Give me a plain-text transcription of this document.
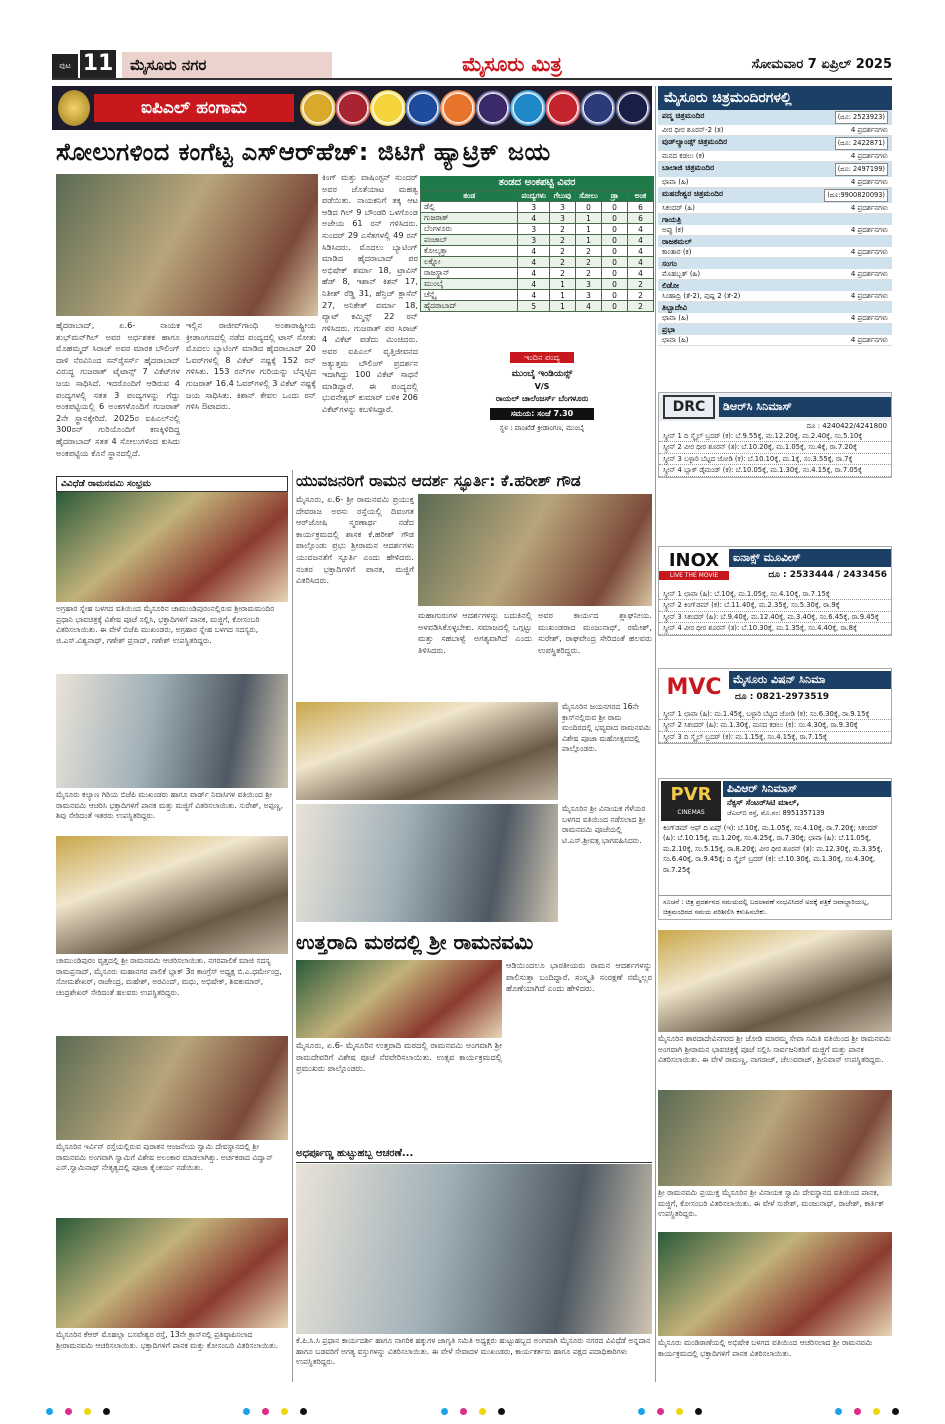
ಪುಟ 11	ಮೈಸೂರು ನಗರ	ಮೈಸೂರು ಮಿತ್ರ	ಸೋಮವಾರ 7 ಏಪ್ರಿಲ್ 2025
ಐಪಿಎಲ್ ಹಂಗಾಮ
ಸೋಲುಗಳಿಂದ ಕಂಗೆಟ್ಟ ಎಸ್‌ಆರ್‌ಹೆಚ್: ಜಿಟಿಗೆ ಹ್ಯಾಟ್ರಿಕ್ ಜಯ
ಹೈದರಾಬಾದ್, ಏ.6- ನಾಯಕ ಶುಭ್‌ಮನ್‌ಗಿಲ್ ಅವರ ಅರ್ಧಶತಕ ಹಾಗೂ ಮೊಹಮ್ಮದ್ ಸಿರಾಜ್ ಅವರ ಮಾರಕ ಬೌಲಿಂಗ್ ದಾಳಿ ನೆರವಿನಿಂದ ಸನ್‌ರೈಸರ್ಸ್ ಹೈದರಾಬಾದ್ ವಿರುದ್ಧ ಗುಜರಾತ್ ಟೈಟಾನ್ಸ್ 7 ವಿಕೆಟ್‌ಗಳ ಜಯ ಸಾಧಿಸಿದೆ. ಇದರೊಂದಿಗೆ ಆಡಿರುವ 4 ಪಂದ್ಯಗಳಲ್ಲಿ ಸತತ 3 ಪಂದ್ಯಗಳನ್ನು ಗೆದ್ದು ಅಂಕಪಟ್ಟಿಯಲ್ಲಿ 6 ಅಂಕಗಳೊಂದಿಗೆ ಗುಜರಾತ್ 2ನೇ ಸ್ಥಾನಕ್ಕೇರಿದೆ. 2025ರ ಐಪಿಎಲ್‌ನಲ್ಲಿ 300ರನ್ ಗುರಿಯೊಂದಿಗೆ ಕಣಕ್ಕಿಳಿದಿದ್ದ ಹೈದರಾಬಾದ್ ಸತತ 4 ಸೋಲುಗಳಿಂದ ಕುಸಿದು ಅಂಕಪಟ್ಟಿಯ ಕೊನೆ ಸ್ಥಾನದಲ್ಲಿದೆ.
ಇಲ್ಲಿನ ರಾಜೀವ್‌ಗಾಂಧಿ ಅಂತಾರಾಷ್ಟ್ರೀಯ ಕ್ರೀಡಾಂಗಣದಲ್ಲಿ ನಡೆದ ಪಂದ್ಯದಲ್ಲಿ ಟಾಸ್ ಸೋತು ಮೊದಲು ಬ್ಯಾಟಿಂಗ್ ಮಾಡಿದ ಹೈದರಾಬಾದ್ 20 ಓವರ್‌ಗಳಲ್ಲಿ 8 ವಿಕೆಟ್ ನಷ್ಟಕ್ಕೆ 152 ರನ್ ಗಳಿಸಿತು. 153 ರನ್‌ಗಳ ಗುರಿಯನ್ನು ಬೆನ್ನಟ್ಟಿದ ಗುಜರಾತ್ 16.4 ಓವರ್‌ಗಳಲ್ಲಿ 3 ವಿಕೆಟ್ ನಷ್ಟಕ್ಕೆ ಜಯ ಸಾಧಿಸಿತು. ಕಿಶಾನ್ ಕೇವಲ ಒಂದು ರನ್ ಗಳಿಸಿ ಔಟಾದರು.
ಕಿಂಗ್ ಮತ್ತು ವಾಷಿಂಗ್ಟನ್ ಸುಂದರ್ ಅವರ ಜೊತೆಯಾಟ ಮಹತ್ವ ಪಡೆಯಿತು. ನಾಯಕನಿಗೆ ತಕ್ಕ ಆಟ ಆಡಿದ ಗಿಲ್ 9 ಬೌಂಡರಿ ಒಳಗೊಂಡ ಅಜೇಯ 61 ರನ್ ಗಳಿಸಿದರು. ಸುಂದರ್ 29 ಎಸೆತಗಳಲ್ಲಿ 49 ರನ್ ಸಿಡಿಸಿದರು. ಮೊದಲು ಬ್ಯಾಟಿಂಗ್ ಮಾಡಿದ ಹೈದರಾಬಾದ್ ಪರ ಅಭಿಷೇಕ್ ಶರ್ಮಾ 18, ಟ್ರಾವಿಸ್ ಹೆಡ್ 8, ಇಶಾನ್ ಕಿಶನ್ 17, ನಿತೀಶ್ ರೆಡ್ಡಿ 31, ಹೆನ್ರಿಚ್ ಕ್ಲಾಸೆನ್ 27, ಅನಿಕೇತ್ ವರ್ಮಾ 18, ಪ್ಯಾಟ್ ಕಮ್ಮಿನ್ಸ್ 22 ರನ್ ಗಳಿಸಿದರು. ಗುಜರಾತ್ ಪರ ಸಿರಾಜ್ 4 ವಿಕೆಟ್ ಪಡೆದು ಮಿಂಚಿದರು. ಅವರ ಐಪಿಎಲ್ ವೃತ್ತಿಜೀವನದ ಅತ್ಯುತ್ತಮ ಬೌಲಿಂಗ್ ಪ್ರದರ್ಶನ ಇದಾಗಿದ್ದು 100 ವಿಕೆಟ್ ಸಾಧನೆ ಮಾಡಿದ್ದಾರೆ. ಈ ಪಂದ್ಯದಲ್ಲಿ ಭುವನೇಶ್ವರ್ ಕುಮಾರ್ ಬಳಿಕ 206 ವಿಕೆಟ್‌ಗಳನ್ನು ಕಬಳಿಸಿದ್ದಾರೆ.
ತಂಡದ ಅಂಕಪಟ್ಟಿ ವಿವರ
ತಂಡ	ಪಂದ್ಯಗಳು	ಗೆಲುವು	ಸೋಲು	ಡ್ರಾ	ಅಂಕ
ಡೆಲ್ಲಿ	3	3	0	0	6
ಗುಜರಾತ್	4	3	1	0	6
ಬೆಂಗಳೂರು	3	2	1	0	4
ಪಂಜಾಬ್	3	2	1	0	4
ಕೋಲ್ಕತ್ತಾ	4	2	2	0	4
ಲಕ್ನೋ	4	2	2	0	4
ರಾಜಸ್ಥಾನ್	4	2	2	0	4
ಮುಂಬೈ	4	1	3	0	2
ಚೆನ್ನೈ	4	1	3	0	2
ಹೈದರಾಬಾದ್	5	1	4	0	2
ಇಂದಿನ ಪಂದ್ಯ
ಮುಂಬೈ ಇಂಡಿಯನ್ಸ್
V/S
ರಾಯಲ್ ಚಾಲೆಂಜರ್ಸ್ ಬೆಂಗಳೂರು
ಸಮಯ: ಸಂಜೆ 7.30
ಸ್ಥಳ : ವಾಂಖೆಡೆ ಕ್ರೀಡಾಂಗಣ, ಮುಂಬೈ
ಮೈಸೂರು ಚಿತ್ರಮಂದಿರಗಳಲ್ಲಿ
ಪದ್ಮ ಚಿತ್ರಮಂದಿರ	(ದೂ: 2523923)
ವೀರ ಧೀರ ಶೂರನ್-2 (ತ)	4 ಪ್ರದರ್ಶನಗಳು
ವುಡ್‌ಲ್ಯಾಂಡ್ಸ್ ಚಿತ್ರಮಂದಿರ	(ದೂ: 2422871)
ಮನದ ಕಡಲು (ಕ)	4 ಪ್ರದರ್ಶನಗಳು
ಬಾಲಾಜಿ ಚಿತ್ರಮಂದಿರ	(ದೂ: 2497199)
ಛಾವಾ (ಹಿ)	4 ಪ್ರದರ್ಶನಗಳು
ಮಹದೇಶ್ವರ ಚಿತ್ರಮಂದಿರ	(ದೂ:9900820093)
ಸಿಕಂದರ್ (ಹಿ)	4 ಪ್ರದರ್ಶನಗಳು
ಗಾಯತ್ರಿ
ಅಪ್ಪು (ಕ)	4 ಪ್ರದರ್ಶನಗಳು
ರಾಜಕಮಲ್
ಕಾಂತಾರ (ಕ)	4 ಪ್ರದರ್ಶನಗಳು
ಸಂಗಂ
ಮೊಹಬ್ಬತ್ (ಹಿ)	4 ಪ್ರದರ್ಶನಗಳು
ಲಿಡೋ
ಸಿಂಹಾದ್ರಿ (ತೆ-2), ಪುಷ್ಪ 2 (ತೆ-2)	4 ಪ್ರದರ್ಶನಗಳು
ತಿಬ್ಬಾದೇವಿ
ಛಾವಾ (ಹಿ)	4 ಪ್ರದರ್ಶನಗಳು
ಪ್ರಭಾ
ಛಾವಾ (ಹಿ)	4 ಪ್ರದರ್ಶನಗಳು
DRC	ಡಿಆರ್‌ಸಿ ಸಿನಿಮಾಸ್
ದೂ : 4240422/4241800
ಸ್ಕ್ರೀನ್ 1 ದಿ ಸ್ಮೈಲ್ ಬ್ರದರ್ (ಕ): ಬೆ.9.55ಕ್ಕೆ, ಮ.12.20ಕ್ಕೆ, ಮ.2.40ಕ್ಕೆ, ಸಂ.5.10ಕ್ಕೆ
ಸ್ಕ್ರೀನ್ 2 ವೀರ ಧೀರ ಶೂರನ್ (ತ): ಬೆ.10.20ಕ್ಕೆ, ಮ.1.05ಕ್ಕೆ, ಸಂ.4ಕ್ಕೆ, ರಾ.7.20ಕ್ಕೆ
ಸ್ಕ್ರೀನ್ 3 ಬಳ್ಳಾರಿ ಬೆಟ್ಟದ ಜೋಡಿ (ಕ): ಬೆ.10.10ಕ್ಕೆ, ಮ.1ಕ್ಕೆ, ಸಂ.3.55ಕ್ಕೆ, ರಾ.7ಕ್ಕೆ
ಸ್ಕ್ರೀನ್ 4 ಬ್ಲಾಕ್ ಡೈಮಂಡ್ (ಕ): ಬೆ.10.05ಕ್ಕೆ, ಮ.1.30ಕ್ಕೆ, ಸಂ.4.15ಕ್ಕೆ, ರಾ.7.05ಕ್ಕೆ
INOX
LIVE THE MOVIE
ಐನಾಕ್ಸ್ ಮೂವೀಸ್
ದೂ : 2533444 / 2433456
ಸ್ಕ್ರೀನ್ 1 ಛಾವಾ (ಹಿ): ಬೆ.10ಕ್ಕೆ, ಮ.1.05ಕ್ಕೆ, ಸಂ.4.10ಕ್ಕೆ, ರಾ.7.15ಕ್ಕೆ
ಸ್ಕ್ರೀನ್ 2 ಕಿಂಗ್‌ಡಮ್ (ಕ): ಬೆ.11.40ಕ್ಕೆ, ಮ.2.35ಕ್ಕೆ, ಸಂ.5.30ಕ್ಕೆ, ರಾ.9ಕ್ಕೆ
ಸ್ಕ್ರೀನ್ 3 ಸಿಕಂದರ್ (ಹಿ): ಬೆ.9.40ಕ್ಕೆ, ಮ.12.40ಕ್ಕೆ, ಮ.3.40ಕ್ಕೆ, ಸಂ.6.45ಕ್ಕೆ, ರಾ.9.45ಕ್ಕೆ
ಸ್ಕ್ರೀನ್ 4 ವೀರ ಧೀರ ಶೂರನ್ (ತ): ಬೆ.10.30ಕ್ಕೆ, ಮ.1.35ಕ್ಕೆ, ಸಂ.4.40ಕ್ಕೆ, ರಾ.8ಕ್ಕೆ
MVC	ಮೈಸೂರು ವಿಷನ್ ಸಿನಿಮಾ
ದೂ : 0821-2973519
ಸ್ಕ್ರೀನ್ 1 ಛಾವಾ (ಹಿ): ಮ.1.45ಕ್ಕೆ, ಬಳ್ಳಾರಿ ಬೆಟ್ಟದ ಜೋಡಿ (ಕ): ಸಂ.6.30ಕ್ಕೆ, ರಾ.9.15ಕ್ಕೆ
ಸ್ಕ್ರೀನ್ 2 ಸಿಕಂದರ್ (ಹಿ): ಮ.1.30ಕ್ಕೆ, ಮನದ ಕಡಲು (ಕ): ಸಂ.4.30ಕ್ಕೆ, ರಾ.9.30ಕ್ಕೆ
ಸ್ಕ್ರೀನ್ 3 ದಿ ಸ್ಮೈಲ್ ಬ್ರದರ್ (ಕ): ಮ.1.15ಕ್ಕೆ, ಸಂ.4.15ಕ್ಕೆ, ರಾ.7.15ಕ್ಕೆ
PVR
CINEMAS
ಪಿವಿಆರ್ ಸಿನಿಮಾಸ್
ನೆಕ್ಸಸ್ ಸೆಂಟರ್‌ಸಿಟಿ ಮಾಲ್,
ಜೆಎಲ್‌ಬಿ ರಸ್ತೆ, ಮೊ.ನಂ: 8951357139
ಕಿಂಗ್‌ಡಮ್ ಆಫ್ ದಿ ಏಪ್ಸ್ (ಇ): ಬೆ.10ಕ್ಕೆ, ಮ.1.05ಕ್ಕೆ, ಸಂ.4.10ಕ್ಕೆ, ರಾ.7.20ಕ್ಕೆ; ಸಿಕಂದರ್ (ಹಿ): ಬೆ.10.15ಕ್ಕೆ, ಮ.1.20ಕ್ಕೆ, ಸಂ.4.25ಕ್ಕೆ, ರಾ.7.30ಕ್ಕೆ; ಛಾವಾ (ಹಿ): ಬೆ.11.05ಕ್ಕೆ, ಮ.2.10ಕ್ಕೆ, ಸಂ.5.15ಕ್ಕೆ, ರಾ.8.20ಕ್ಕೆ; ವೀರ ಧೀರ ಶೂರನ್ (ತ): ಮ.12.30ಕ್ಕೆ, ಮ.3.35ಕ್ಕೆ, ಸಂ.6.40ಕ್ಕೆ, ರಾ.9.45ಕ್ಕೆ; ದಿ ಸ್ಮೈಲ್ ಬ್ರದರ್ (ಕ): ಬೆ.10.30ಕ್ಕೆ, ಮ.1.30ಕ್ಕೆ, ಸಂ.4.30ಕ್ಕೆ, ರಾ.7.25ಕ್ಕೆ
ಸೂಚನೆ : ಚಿತ್ರ ಪ್ರದರ್ಶನದ ಸಮಯದಲ್ಲಿ ಬದಲಾವಣೆ ಸಂಭವಿಸಿದರೆ ಅದಕ್ಕೆ ಪತ್ರಿಕೆ ಜವಾಬ್ದಾರಿಯಲ್ಲ, ಚಿತ್ರಮಂದಿರದ ಸಮಯ ಪರಿಶೀಲಿಸಿ ಕಳುಹಿಸಬೇಕು.
ವಿವಿಧೆಡೆ ರಾಮನವಮಿ ಸಂಭ್ರಮ
ಅಗ್ರಹಾರ ಸ್ನೇಹ ಬಳಗದ ವತಿಯಿಂದ ಮೈಸೂರಿನ ಚಾಮುಂಡಿಪುರಂನಲ್ಲಿರುವ ಶ್ರೀರಾಮಮಂದಿರ ಪ್ರಧಾನಿ ಭಾವಚಿತ್ರಕ್ಕೆ ವಿಶೇಷ ಪೂಜೆ ಸಲ್ಲಿಸಿ, ಭಕ್ತಾದಿಗಳಿಗೆ ಪಾನಕ, ಮಜ್ಜಿಗೆ, ಕೋಸಂಬರಿ ವಿತರಿಸಲಾಯಿತು. ಈ ವೇಳೆ ಬಿಜೆಪಿ ಮುಖಂಡರು, ಅಗ್ರಹಾರ ಸ್ನೇಹ ಬಳಗದ ಸದಸ್ಯರು, ಜಿ.ಎಸ್.ವಿಶ್ವನಾಥ್, ಗಣೇಶ್ ಪ್ರಸಾದ್, ಗಣೇಶ್ ಉಪಸ್ಥಿತರಿದ್ದರು.
ಮೈಸೂರು ಕಲ್ಯಾಣ ಗಿರಿಯ ಬಿಜೆಪಿ ಮುಖಂಡರು ಹಾಗೂ ವಾರ್ಡ್ ನಿವಾಸಿಗಳ ವತಿಯಿಂದ ಶ್ರೀ ರಾಮನವಮಿ ಆಚರಿಸಿ ಭಕ್ತಾದಿಗಳಿಗೆ ಪಾನಕ ಮತ್ತು ಮಜ್ಜಿಗೆ ವಿತರಿಸಲಾಯಿತು. ಸುರೇಶ್, ಅಪ್ಪಣ್ಣ, ಶಿವು ಸೇರಿದಂತೆ ಇತರರು ಉಪಸ್ಥಿತರಿದ್ದರು.
ಚಾಮುಂಡಿಪುರಂ ವೃತ್ತದಲ್ಲಿ ಶ್ರೀ ರಾಮನವಮಿ ಆಚರಿಸಲಾಯಿತು. ನಗರಪಾಲಿಕೆ ಮಾಜಿ ಸದಸ್ಯ ರಾಮಪ್ರಸಾದ್, ಮೈಸೂರು ಮಹಾನಗರ ಪಾಲಿಕೆ ಬ್ಲಾಕ್ 3ರ ಕಾಂಗ್ರೆಸ್ ಅಧ್ಯಕ್ಷ ಬಿ.ಎ.ಧರ್ಮೇಂದ್ರ, ಸೋಮಶೇಖರ್, ರಾಜೇಂದ್ರ, ಮಹೇಶ್, ಅರವಿಂದ್, ಮಧು, ಅಭಿಷೇಕ್, ಶಿವಕುಮಾರ್, ಚಂದ್ರಶೇಖರ್ ಸೇರಿದಂತೆ ಹಲವರು ಉಪಸ್ಥಿತರಿದ್ದರು.
ಮೈಸೂರಿನ ಇರ್ವಿನ್ ರಸ್ತೆಯಲ್ಲಿರುವ ಪುರಾತನ ಆಂಜನೇಯ ಸ್ವಾಮಿ ದೇವಸ್ಥಾನದಲ್ಲಿ ಶ್ರೀ ರಾಮನವಮಿ ಅಂಗವಾಗಿ ಸ್ವಾಮಿಗೆ ವಿಶೇಷ ಅಲಂಕಾರ ಮಾಡಲಾಗಿತ್ತು. ಅರ್ಚಕರಾದ ವಿದ್ವಾನ್ ಎಸ್.ಸ್ವಾಮಿನಾಥ್ ನೇತೃತ್ವದಲ್ಲಿ ಪೂಜಾ ಕೈಂಕರ್ಯ ನಡೆಯಿತು.
ಮೈಸೂರಿನ ಕೆಆರ್ ಮೊಹಲ್ಲಾ ಬಸವೇಶ್ವರ ರಸ್ತೆ, 13ನೇ ಕ್ರಾಸ್‌ನಲ್ಲಿ ಪ್ರತಿಷ್ಠಾಪಿಸಲಾದ ಶ್ರೀರಾಮನವಮಿ ಆಚರಿಸಲಾಯಿತು. ಭಕ್ತಾದಿಗಳಿಗೆ ಪಾನಕ ಮತ್ತು ಕೋಸಂಬರಿ ವಿತರಿಸಲಾಯಿತು.
ಯುವಜನರಿಗೆ ರಾಮನ ಆದರ್ಶ ಸ್ಫೂರ್ತಿ: ಕೆ.ಹರೀಶ್ ಗೌಡ
ಮೈಸೂರು, ಏ.6- ಶ್ರೀ ರಾಮನವಮಿ ಪ್ರಯುಕ್ತ ದೇವರಾಜ ಅರಸು ರಸ್ತೆಯಲ್ಲಿ ದಿವಂಗತ ಆರ್‌ಜೋಷಿ ಸ್ಮರಣಾರ್ಥ ನಡೆದ ಕಾರ್ಯಕ್ರಮದಲ್ಲಿ ಶಾಸಕ ಕೆ.ಹರೀಶ್ ಗೌಡ ಪಾಲ್ಗೊಂಡು ಪ್ರಭು ಶ್ರೀರಾಮನ ಆದರ್ಶಗಳು ಯುವಜನತೆಗೆ ಸ್ಫೂರ್ತಿ ಎಂದು ಹೇಳಿದರು. ನಂತರ ಭಕ್ತಾದಿಗಳಿಗೆ ಪಾನಕ, ಮಜ್ಜಿಗೆ ವಿತರಿಸಿದರು.
ಮಹಾಗುರುಗಳ ಆದರ್ಶಗಳನ್ನು ಬದುಕಿನಲ್ಲಿ ಅಳವಡಿಸಿಕೊಳ್ಳಬೇಕು. ಸಮಾಜದಲ್ಲಿ ಒಗ್ಗಟ್ಟು ಮತ್ತು ಸಹಬಾಳ್ವೆ ಅಗತ್ಯವಾಗಿದೆ ಎಂದು ತಿಳಿಸಿದರು.
ಅವರ ಕಾರ್ಯದ ಶ್ಲಾಘನೀಯ. ಮುಖಂಡರಾದ ಮಂಜುನಾಥ್, ರಮೇಶ್, ಸುರೇಶ್, ರಾಘವೇಂದ್ರ ಸೇರಿದಂತೆ ಹಲವರು ಉಪಸ್ಥಿತರಿದ್ದರು.
ಮೈಸೂರಿನ ಜಯನಗರದ 16ನೇ ಕ್ರಾಸ್‌ನಲ್ಲಿರುವ ಶ್ರೀ ರಾಮ ಮಂದಿರದಲ್ಲಿ ಭವ್ಯವಾದ ರಾಮನವಮಿ ವಿಶೇಷ ಪೂಜಾ ಮಹೋತ್ಸವದಲ್ಲಿ ಪಾಲ್ಗೊಂಡರು.
ಮೈಸೂರಿನ ಶ್ರೀ ವಿನಾಯಕ ಗೆಳೆಯರ ಬಳಗದ ವತಿಯಿಂದ ನಡೆಸಲಾದ ಶ್ರೀ ರಾಮನವಮಿ ಪೂಜೆಯಲ್ಲಿ ಟಿ.ಎಸ್.ಶ್ರೀವತ್ಸ ಭಾಗವಹಿಸಿದರು.
ಉತ್ತರಾದಿ ಮಠದಲ್ಲಿ ಶ್ರೀ ರಾಮನವಮಿ
ಆಡಿಯಿಂದಲೂ ಭಾರತೀಯರು ರಾಮನ ಆದರ್ಶಗಳನ್ನು ಪಾಲಿಸುತ್ತಾ ಬಂದಿದ್ದಾರೆ. ಸಂಸ್ಕೃತಿ ಸಂರಕ್ಷಣೆ ನಮ್ಮೆಲ್ಲರ ಹೊಣೆಯಾಗಿದೆ ಎಂದು ಹೇಳಿದರು.
ಮೈಸೂರು, ಏ.6- ಮೈಸೂರಿನ ಉತ್ತರಾದಿ ಮಠದಲ್ಲಿ ರಾಮನವಮಿ ಅಂಗವಾಗಿ ಶ್ರೀ ರಾಮದೇವರಿಗೆ ವಿಶೇಷ ಪೂಜೆ ನೆರವೇರಿಸಲಾಯಿತು. ಉತ್ಸವ ಕಾರ್ಯಕ್ರಮದಲ್ಲಿ ಪ್ರಮುಖರು ಪಾಲ್ಗೊಂಡರು.
ಅಧರ್ಪೂಣ್ಣ ಹುಟ್ಟುಹಬ್ಬ ಆಚರಣೆ...
ಕೆ.ಪಿ.ಸಿ.ಸಿ ಪ್ರಧಾನ ಕಾರ್ಯದರ್ಶಿ ಹಾಗೂ ನಾಗರಿಕ ಹಕ್ಕುಗಳ ಜಾಗೃತಿ ಸಮಿತಿ ಅಧ್ಯಕ್ಷರು ಹುಟ್ಟುಹಬ್ಬದ ಅಂಗವಾಗಿ ಮೈಸೂರು ನಗರದ ವಿವಿಧೆಡೆ ಅನ್ನದಾನ ಹಾಗೂ ಬಡವರಿಗೆ ಅಗತ್ಯ ವಸ್ತುಗಳನ್ನು ವಿತರಿಸಲಾಯಿತು. ಈ ವೇಳೆ ಸೇವಾದಳ ಮುಖಂಡರು, ಕಾರ್ಯಕರ್ತರು ಹಾಗೂ ಪಕ್ಷದ ಪದಾಧಿಕಾರಿಗಳು ಉಪಸ್ಥಿತರಿದ್ದರು.
ಮೈಸೂರಿನ ಶಾರದಾದೇವಿನಗರದ ಶ್ರೀ ಜೋಡಿ ಮಾರಮ್ಮ ಸೇವಾ ಸಮಿತಿ ವತಿಯಿಂದ ಶ್ರೀ ರಾಮನವಮಿ ಅಂಗವಾಗಿ ಶ್ರೀರಾಮನ ಭಾವಚಿತ್ರಕ್ಕೆ ಪೂಜೆ ಸಲ್ಲಿಸಿ ಸಾರ್ವಜನಿಕರಿಗೆ ಮಜ್ಜಿಗೆ ಮತ್ತು ಪಾನಕ ವಿತರಿಸಲಾಯಿತು. ಈ ವೇಳೆ ರಾಮಣ್ಣ, ನಾಗರಾಜ್, ಚೆಲುವರಾಜ್, ಶ್ರೀನಿವಾಸ್ ಉಪಸ್ಥಿತರಿದ್ದರು.
ಶ್ರೀ ರಾಮನವಮಿ ಪ್ರಯುಕ್ತ ಮೈಸೂರಿನ ಶ್ರೀ ವಿನಾಯಕ ಸ್ವಾಮಿ ದೇವಸ್ಥಾನದ ವತಿಯಿಂದ ಪಾನಕ, ಮಜ್ಜಿಗೆ, ಕೋಸಂಬರಿ ವಿತರಿಸಲಾಯಿತು. ಈ ವೇಳೆ ಸುರೇಶ್, ಮಂಜುನಾಥ್, ರಾಜೇಶ್, ಕಾರ್ತಿಕ್ ಉಪಸ್ಥಿತರಿದ್ದರು.
ಮೈಸೂರು ಮಂಡಿಠಾಣೆಯಲ್ಲಿ ಅಭಿಷೇಕ ಬಳಗದ ವತಿಯಿಂದ ಆಚರಿಸಲಾದ ಶ್ರೀ ರಾಮನವಮಿ ಕಾರ್ಯಕ್ರಮದಲ್ಲಿ ಭಕ್ತಾದಿಗಳಿಗೆ ಪಾನಕ ವಿತರಿಸಲಾಯಿತು.
